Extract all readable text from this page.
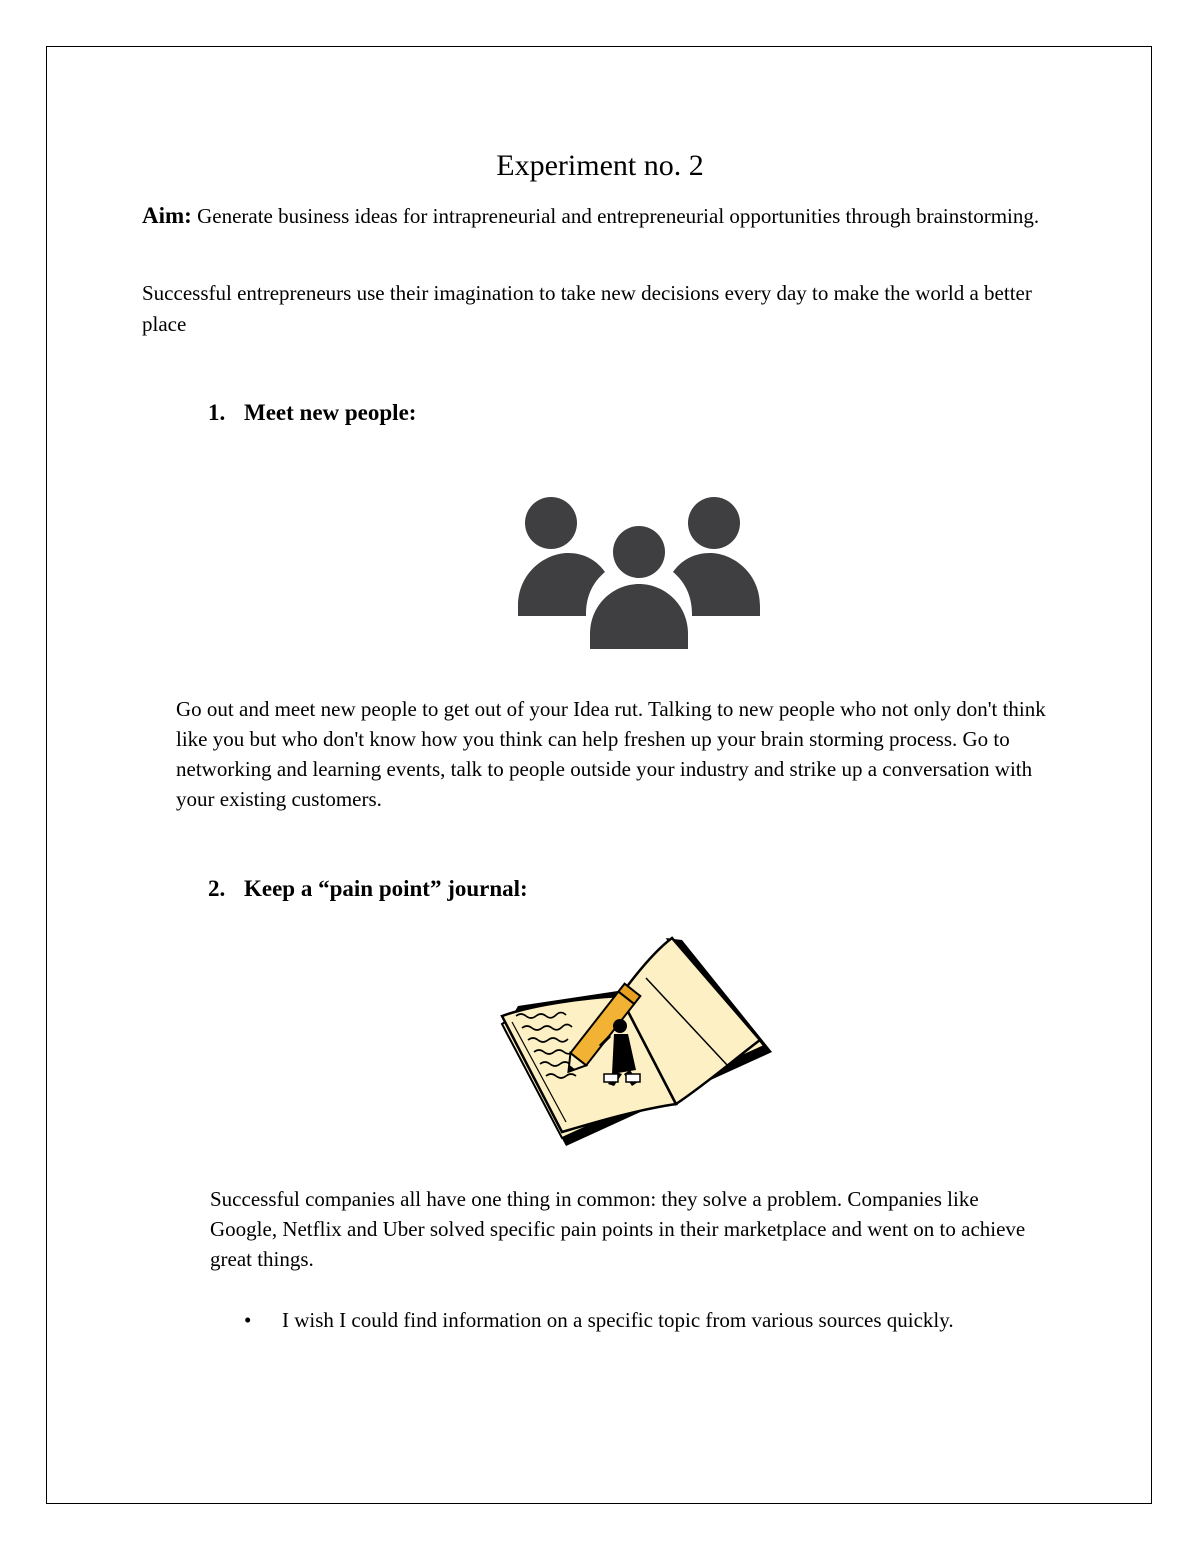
Experiment no. 2

Aim: Generate business ideas for intrapreneurial and entrepreneurial opportunities through brainstorming.

Successful entrepreneurs use their imagination to take new decisions every day to make the world a better place

1. Meet new people:

Go out and meet new people to get out of your Idea rut. Talking to new people who not only don't think like you but who don't know how you think can help freshen up your brain storming process. Go to networking and learning events, talk to people outside your industry and strike up a conversation with your existing customers.

2. Keep a “pain point” journal:

Successful companies all have one thing in common: they solve a problem. Companies like Google, Netflix and Uber solved specific pain points in their marketplace and went on to achieve great things.

• I wish I could find information on a specific topic from various sources quickly.
